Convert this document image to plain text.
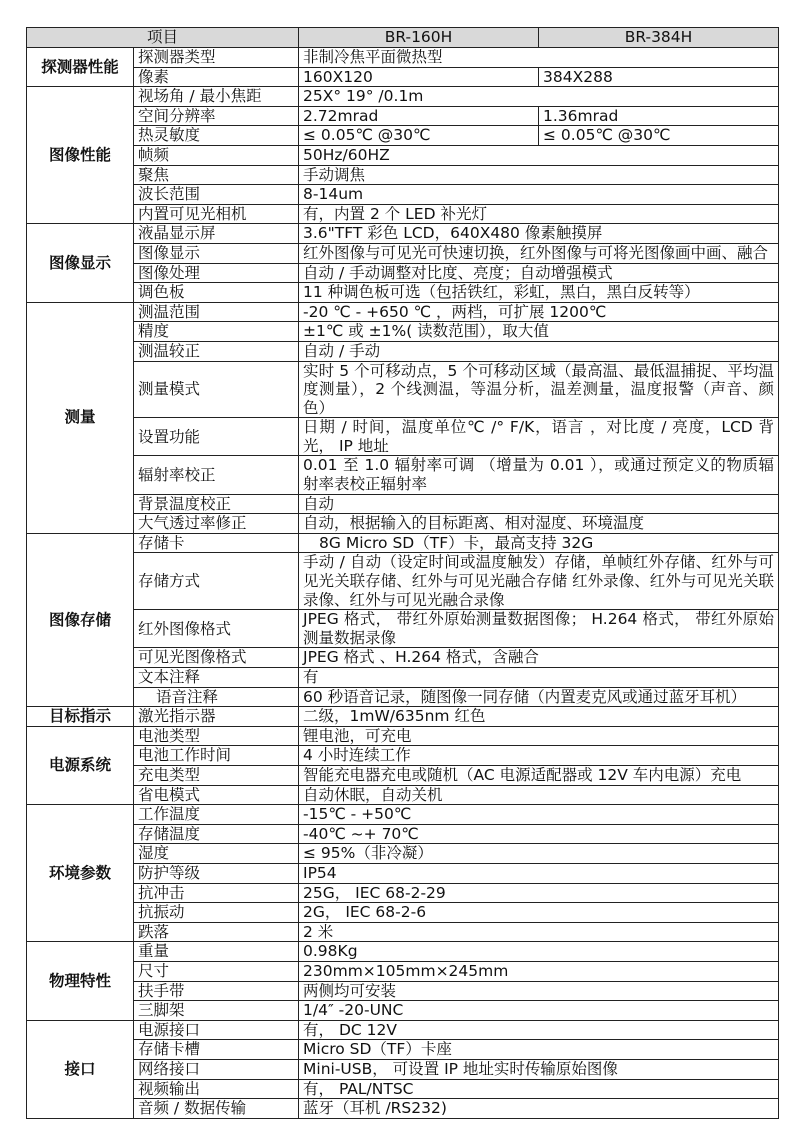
项目		BR-160H	BR-384H
探测器性能	探测器类型	非制冷焦平面微热型	
	像素	160X120	384X288
图像性能	视场角 / 最小焦距	25X° 19° /0.1m	
	空间分辨率	2.72mrad	1.36mrad
	热灵敏度	≤ 0.05℃ @30℃	≤ 0.05℃ @30℃
	帧频	50Hz/60HZ	
	聚焦	手动调焦	
	波长范围	8-14um	
	内置可见光相机	有，内置 2 个 LED 补光灯	
图像显示	液晶显示屏	3.6"TFT 彩色 LCD，640X480 像素触摸屏	
	图像显示	红外图像与可见光可快速切换，红外图像与可将光图像画中画、融合	
	图像处理	自动 / 手动调整对比度、亮度；自动增强模式	
	调色板	11 种调色板可选（包括铁红，彩虹，黑白，黑白反转等）	
测量	测温范围	-20 ℃ - +650 ℃ ，两档，可扩展 1200℃	
	精度	±1℃ 或 ±1%( 读数范围），取大值	
	测温较正	自动 / 手动	
	测量模式	实时 5 个可移动点，5 个可移动区域（最高温、最低温捕捉、平均温度测量），2 个线测温，等温分析，温差测量，温度报警（声音、颜色）	
	设置功能	日期 / 时间，温度单位℃ /° F/K，语言 ，对比度 / 亮度，LCD 背光， IP 地址	
	辐射率校正	0.01 至 1.0 辐射率可调 （增量为 0.01 ），或通过预定义的物质辐射率表校正辐射率	
	背景温度校正	自动	
	大气透过率修正	自动，根据输入的目标距离、相对湿度、环境温度	
图像存储	存储卡	8G Micro SD（TF）卡，最高支持 32G	
	存储方式	手动 / 自动（设定时间或温度触发）存储，单帧红外存储、红外与可见光关联存储、红外与可见光融合存储 红外录像、红外与可见光关联录像、红外与可见光融合录像	
	红外图像格式	JPEG 格式， 带红外原始测量数据图像； H.264 格式， 带红外原始测量数据录像	
	可见光图像格式	JPEG 格式 、H.264 格式，含融合	
	文本注释	有	
	语音注释	60 秒语音记录，随图像一同存储（内置麦克风或通过蓝牙耳机）	
目标指示	激光指示器	二级，1mW/635nm 红色	
电源系统	电池类型	锂电池，可充电	
	电池工作时间	4 小时连续工作	
	充电类型	智能充电器充电或随机（AC 电源适配器或 12V 车内电源）充电	
	省电模式	自动休眠，自动关机	
环境参数	工作温度	-15℃ - +50℃	
	存储温度	-40℃ ~+ 70℃	
	湿度	≤ 95%（非冷凝）	
	防护等级	IP54	
	抗冲击	25G， IEC 68-2-29	
	抗振动	2G， IEC 68-2-6	
	跌落	2 米	
物理特性	重量	0.98Kg	
	尺寸	230mm×105mm×245mm	
	扶手带	两侧均可安装	
	三脚架	1/4″ -20-UNC	
接口	电源接口	有， DC 12V	
	存储卡槽	Micro SD（TF）卡座	
	网络接口	Mini-USB， 可设置 IP 地址实时传输原始图像	
	视频输出	有， PAL/NTSC	
	音频 / 数据传输	蓝牙（耳机 /RS232)	
